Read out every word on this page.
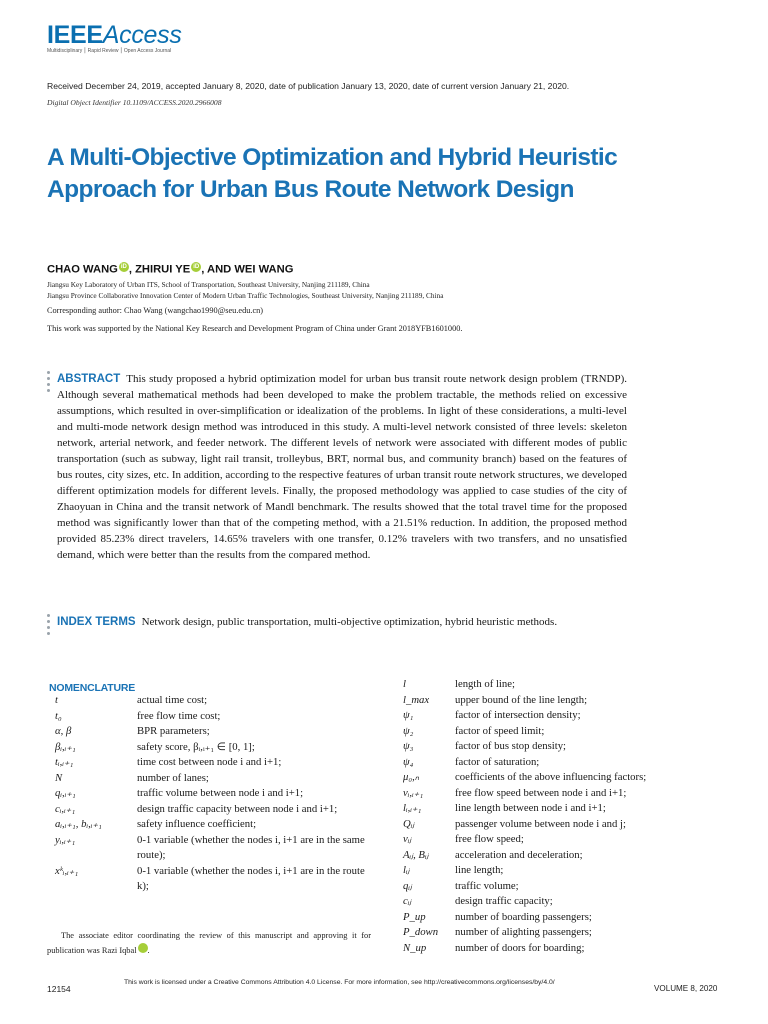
IEEEAccess
Multidisciplinary ⎮ Rapid Review ⎮ Open Access Journal
Received December 24, 2019, accepted January 8, 2020, date of publication January 13, 2020, date of current version January 21, 2020.
Digital Object Identifier 10.1109/ACCESS.2020.2966008
A Multi-Objective Optimization and Hybrid Heuristic Approach for Urban Bus Route Network Design
CHAO WANG iD , ZHIRUI YE iD , AND WEI WANG
Jiangsu Key Laboratory of Urban ITS, School of Transportation, Southeast University, Nanjing 211189, China
Jiangsu Province Collaborative Innovation Center of Modern Urban Traffic Technologies, Southeast University, Nanjing 211189, China
Corresponding author: Chao Wang (wangchao1990@seu.edu.cn)
This work was supported by the National Key Research and Development Program of China under Grant 2018YFB1601000.
ABSTRACT This study proposed a hybrid optimization model for urban bus transit route network design problem (TRNDP). Although several mathematical methods had been developed to make the problem tractable, the methods relied on excessive assumptions, which resulted in over-simplification or idealization of the problems. In light of these considerations, a multi-level and multi-mode network design method was introduced in this study. A multi-level network consisted of three levels: skeleton network, arterial network, and feeder network. The different levels of network were associated with different modes of public transportation (such as subway, light rail transit, trolleybus, BRT, normal bus, and community branch) based on the features of bus routes, city sizes, etc. In addition, according to the respective features of urban transit route network structures, we developed different optimization models for different levels. Finally, the proposed methodology was applied to case studies of the city of Zhaoyuan in China and the transit network of Mandl benchmark. The results showed that the total travel time for the proposed method was significantly lower than that of the competing method, with a 21.51% reduction. In addition, the proposed method provided 85.23% direct travelers, 14.65% travelers with one transfer, 0.12% travelers with two transfers, and no unsatisfied demand, which were better than the results from the compared method.
INDEX TERMS Network design, public transportation, multi-objective optimization, hybrid heuristic methods.
NOMENCLATURE
t	actual time cost;
t₀	free flow time cost;
α, β	BPR parameters;
βᵢ,ᵢ₊₁	safety score, βᵢ,ᵢ₊₁ ∈ [0, 1];
tᵢ,ᵢ₊₁	time cost between node i and i+1;
N	number of lanes;
qᵢ,ᵢ₊₁	traffic volume between node i and i+1;
cᵢ,ᵢ₊₁	design traffic capacity between node i and i+1;
aᵢ,ᵢ₊₁, bᵢ,ᵢ₊₁	safety influence coefficient;
yᵢ,ᵢ₊₁	0-1 variable (whether the nodes i, i+1 are in the same route);
xᵏᵢ,ᵢ₊₁	0-1 variable (whether the nodes i, i+1 are in the route k);
l	length of line;
l_max	upper bound of the line length;
ψ₁	factor of intersection density;
ψ₂	factor of speed limit;
ψ₃	factor of bus stop density;
ψ₄	factor of saturation;
μ₀,ₙ	coefficients of the above influencing factors;
vᵢ,ᵢ₊₁	free flow speed between node i and i+1;
lᵢ,ᵢ₊₁	line length between node i and i+1;
Qᵢⱼ	passenger volume between node i and j;
vᵢⱼ	free flow speed;
Aᵢⱼ, Bᵢⱼ	acceleration and deceleration;
lᵢⱼ	line length;
qᵢⱼ	traffic volume;
cᵢⱼ	design traffic capacity;
P_up	number of boarding passengers;
P_down	number of alighting passengers;
N_up	number of doors for boarding;
The associate editor coordinating the review of this manuscript and approving it for publication was Razi Iqbal	iD.
12154
This work is licensed under a Creative Commons Attribution 4.0 License. For more information, see http://creativecommons.org/licenses/by/4.0/
VOLUME 8, 2020
